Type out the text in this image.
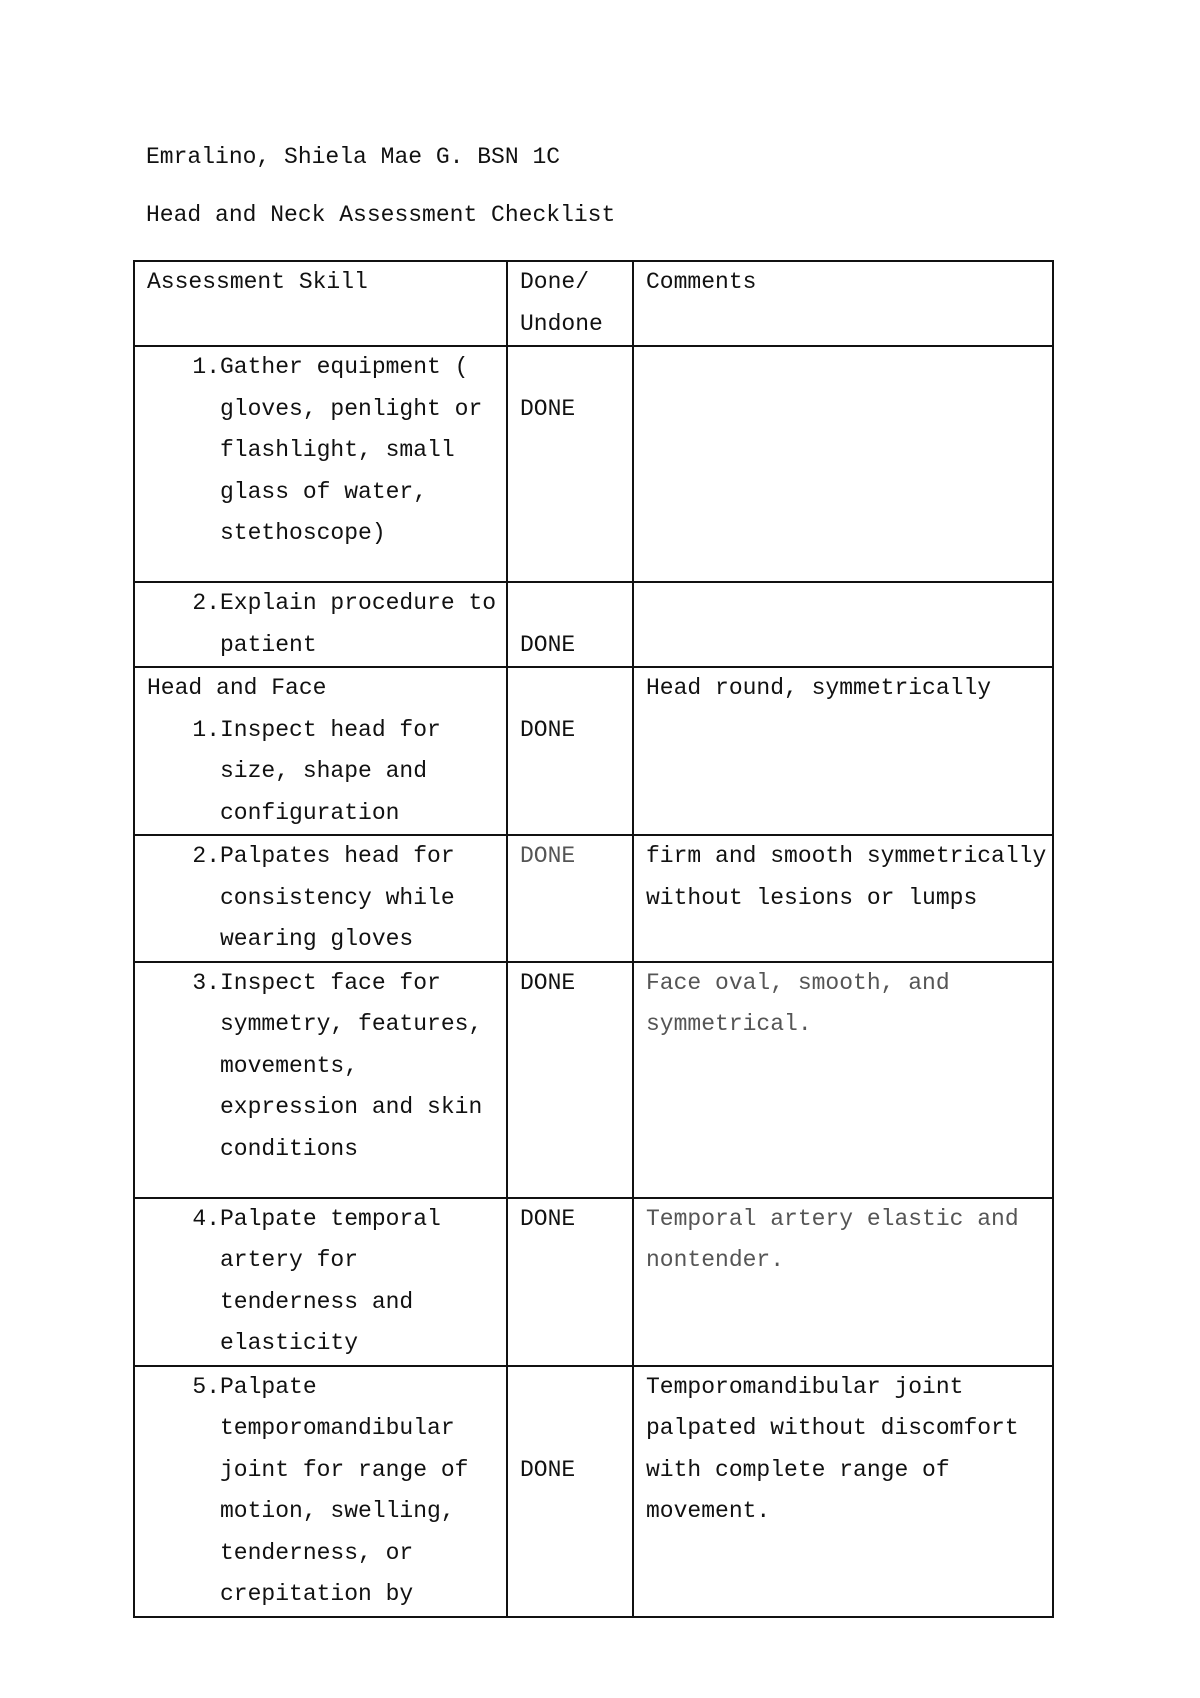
Emralino, Shiela Mae G. BSN 1C
Head and Neck Assessment Checklist
Assessment Skill	Done/ Undone	Comments

1. Gather equipment ( gloves, penlight or flashlight, small glass of water, stethoscope)	DONE	

2. Explain procedure to patient	DONE	

Head and Face
1. Inspect head for size, shape and configuration	DONE	Head round, symmetrically

2. Palpates head for consistency while wearing gloves	DONE	firm and smooth symmetrically without lesions or lumps

3. Inspect face for symmetry, features, movements, expression and skin conditions	DONE	Face oval, smooth, and symmetrical.

4. Palpate temporal artery for tenderness and elasticity	DONE	Temporal artery elastic and nontender.

5. Palpate temporomandibular joint for range of motion, swelling, tenderness, or crepitation by	DONE	Temporomandibular joint palpated without discomfort with complete range of movement.
